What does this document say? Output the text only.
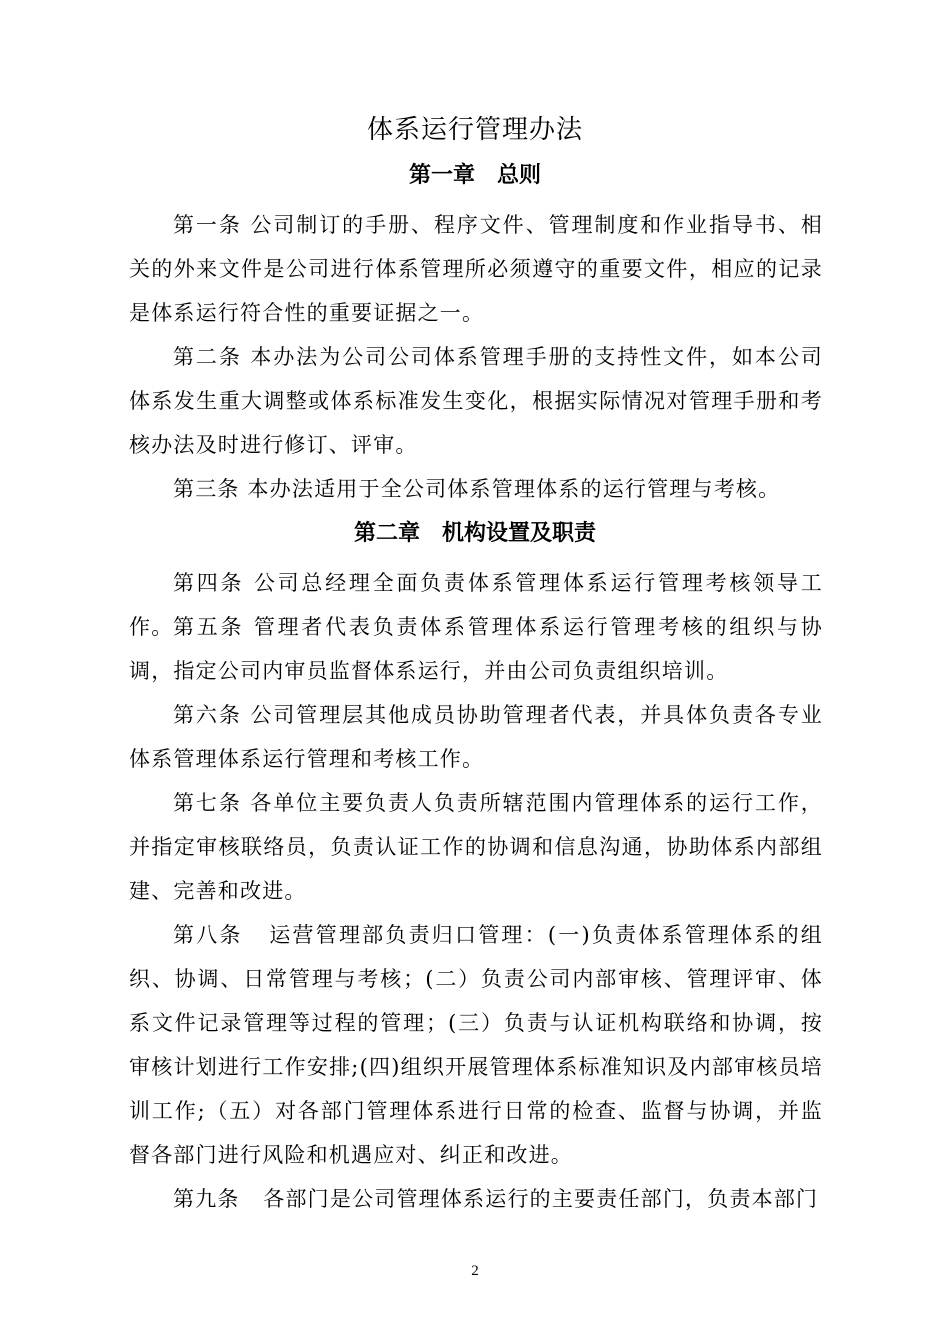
体系运行管理办法
第一章　总则

第一条 公司制订的手册、程序文件、管理制度和作业指导书、相关的外来文件是公司进行体系管理所必须遵守的重要文件，相应的记录是体系运行符合性的重要证据之一。

第二条 本办法为公司公司体系管理手册的支持性文件，如本公司体系发生重大调整或体系标准发生变化，根据实际情况对管理手册和考核办法及时进行修订、评审。

第三条 本办法适用于全公司体系管理体系的运行管理与考核。

第二章　机构设置及职责

第四条 公司总经理全面负责体系管理体系运行管理考核领导工作。 第五条 管理者代表负责体系管理体系运行管理考核的组织与协调，指定公司内审员监督体系运行，并由公司负责组织培训。

第六条 公司管理层其他成员协助管理者代表，并具体负责各专业体系管理体系运行管理和考核工作。

第七条 各单位主要负责人负责所辖范围内管理体系的运行工作，并指定审核联络员，负责认证工作的协调和信息沟通，协助体系内部组建、完善和改进。

第八条 运营管理部负责归口管理：(一)负责体系管理体系的组织、协调、日常管理与考核；(二）负责公司内部审核、管理评审、体系文件记录管理等过程的管理；(三）负责与认证机构联络和协调，按审核计划进行工作安排;(四)组织开展管理体系标准知识及内部审核员培训工作;（五）对各部门管理体系进行日常的检查、监督与协调，并监督各部门进行风险和机遇应对、纠正和改进。

第九条 各部门是公司管理体系运行的主要责任部门，负责本部门

2
